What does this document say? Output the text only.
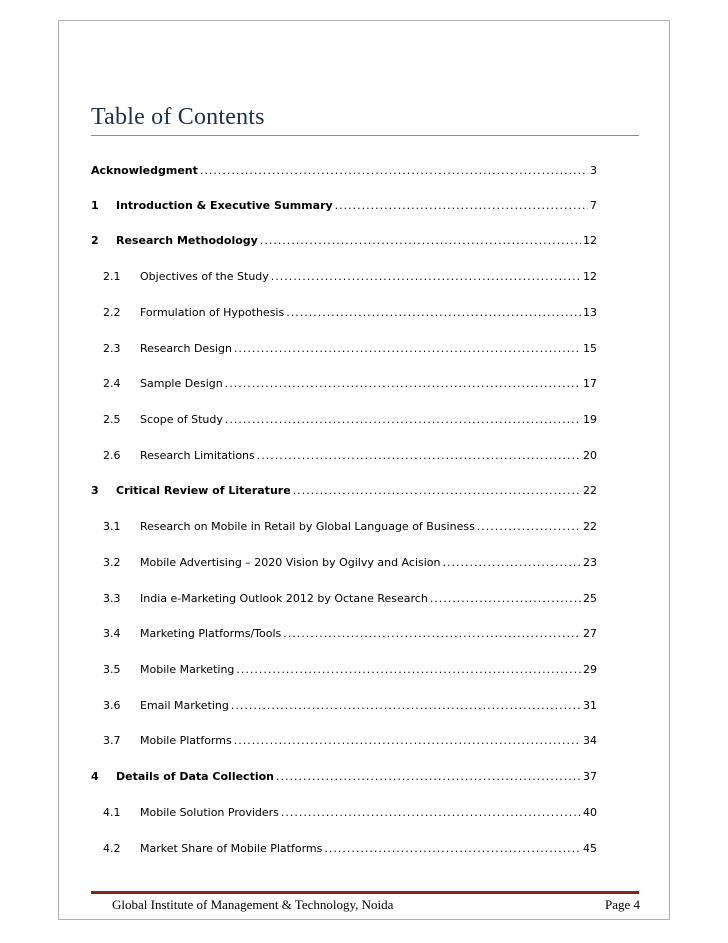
Table of Contents
Acknowledgment .....	3
1	Introduction & Executive Summary .....	7
2	Research Methodology .....	12
2.1	Objectives of the Study .....	12
2.2	Formulation of Hypothesis .....	13
2.3	Research Design .....	15
2.4	Sample Design .....	17
2.5	Scope of Study .....	19
2.6	Research Limitations .....	20
3	Critical Review of Literature .....	22
3.1	Research on Mobile in Retail by Global Language of Business .....	22
3.2	Mobile Advertising – 2020 Vision by Ogilvy and Acision .....	23
3.3	India e-Marketing Outlook 2012 by Octane Research .....	25
3.4	Marketing Platforms/Tools .....	27
3.5	Mobile Marketing .....	29
3.6	Email Marketing .....	31
3.7	Mobile Platforms .....	34
4	Details of Data Collection .....	37
4.1	Mobile Solution Providers .....	40
4.2	Market Share of Mobile Platforms .....	45
Global Institute of Management & Technology, Noida	Page 4
